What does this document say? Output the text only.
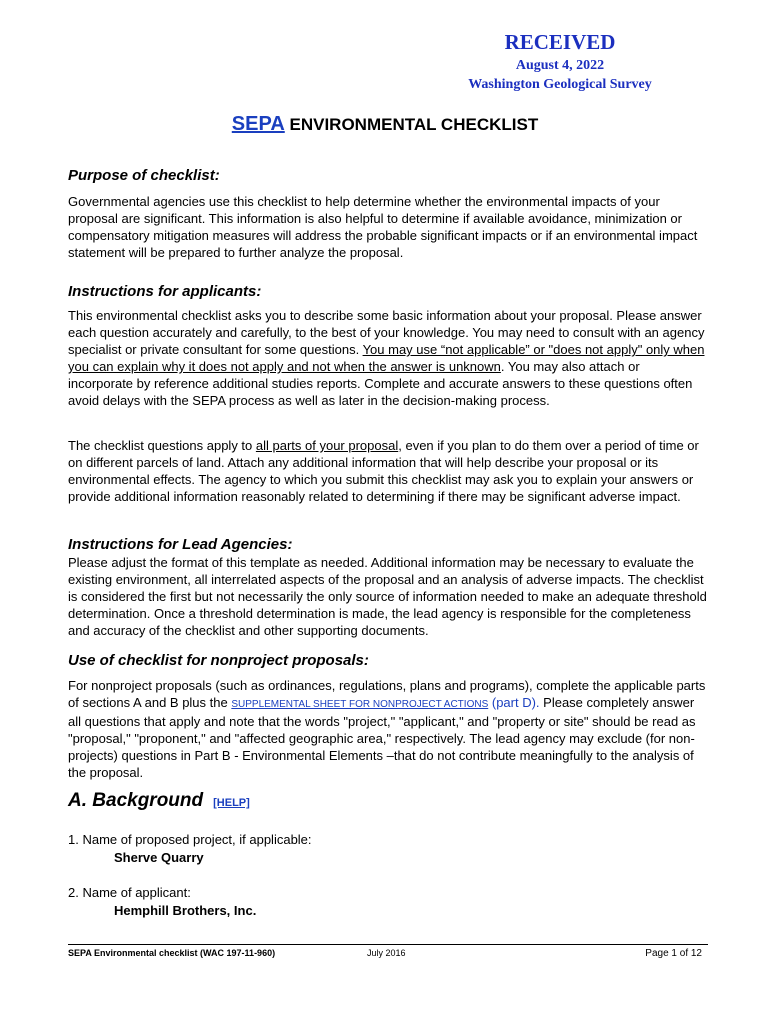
RECEIVED
August 4, 2022
Washington Geological Survey
SEPA ENVIRONMENTAL CHECKLIST
Purpose of checklist:
Governmental agencies use this checklist to help determine whether the environmental impacts of your proposal are significant. This information is also helpful to determine if available avoidance, minimization or compensatory mitigation measures will address the probable significant impacts or if an environmental impact statement will be prepared to further analyze the proposal.
Instructions for applicants:
This environmental checklist asks you to describe some basic information about your proposal. Please answer each question accurately and carefully, to the best of your knowledge. You may need to consult with an agency specialist or private consultant for some questions. You may use “not applicable” or "does not apply" only when you can explain why it does not apply and not when the answer is unknown. You may also attach or incorporate by reference additional studies reports. Complete and accurate answers to these questions often avoid delays with the SEPA process as well as later in the decision-making process.
The checklist questions apply to all parts of your proposal, even if you plan to do them over a period of time or on different parcels of land. Attach any additional information that will help describe your proposal or its environmental effects. The agency to which you submit this checklist may ask you to explain your answers or provide additional information reasonably related to determining if there may be significant adverse impact.
Instructions for Lead Agencies:
Please adjust the format of this template as needed. Additional information may be necessary to evaluate the existing environment, all interrelated aspects of the proposal and an analysis of adverse impacts. The checklist is considered the first but not necessarily the only source of information needed to make an adequate threshold determination. Once a threshold determination is made, the lead agency is responsible for the completeness and accuracy of the checklist and other supporting documents.
Use of checklist for nonproject proposals:
For nonproject proposals (such as ordinances, regulations, plans and programs), complete the applicable parts of sections A and B plus the SUPPLEMENTAL SHEET FOR NONPROJECT ACTIONS (part D). Please completely answer all questions that apply and note that the words "project," "applicant," and "property or site" should be read as "proposal," "proponent," and "affected geographic area," respectively. The lead agency may exclude (for non-projects) questions in Part B - Environmental Elements –that do not contribute meaningfully to the analysis of the proposal.
A. Background [HELP]
1. Name of proposed project, if applicable:
Sherve Quarry
2. Name of applicant:
Hemphill Brothers, Inc.
SEPA Environmental checklist (WAC 197-11-960)	July 2016	Page 1 of 12
